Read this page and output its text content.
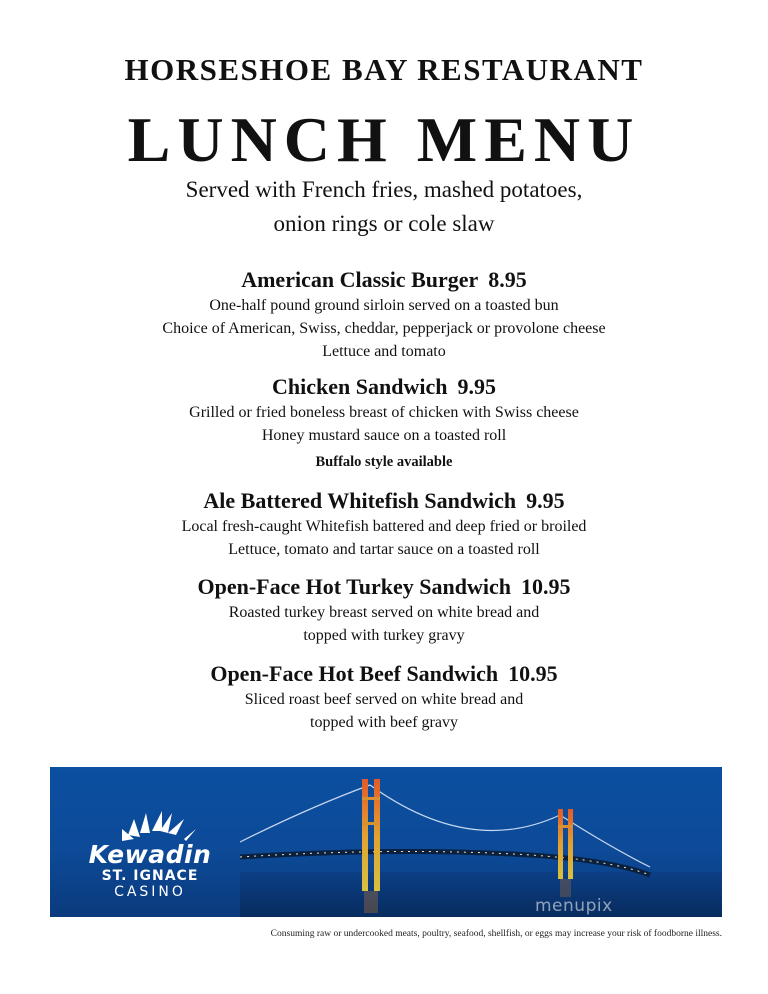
HORSESHOE BAY RESTAURANT
LUNCH MENU

Served with French fries, mashed potatoes,
onion rings or cole slaw

American Classic Burger 8.95
One-half pound ground sirloin served on a toasted bun
Choice of American, Swiss, cheddar, pepperjack or provolone cheese
Lettuce and tomato
Chicken Sandwich 9.95
Grilled or fried boneless breast of chicken with Swiss cheese
Honey mustard sauce on a toasted roll
Buffalo style available
Ale Battered Whitefish Sandwich 9.95
Local fresh-caught Whitefish battered and deep fried or broiled
Lettuce, tomato and tartar sauce on a toasted roll
Open-Face Hot Turkey Sandwich 10.95
Roasted turkey breast served on white bread and
topped with turkey gravy
Open-Face Hot Beef Sandwich 10.95
Sliced roast beef served on white bread and
topped with beef gravy
Kewadin
ST. IGNACE
CASINO
menupix

Consuming raw or undercooked meats, poultry, seafood, shellfish, or eggs may increase your risk of foodborne illness.
